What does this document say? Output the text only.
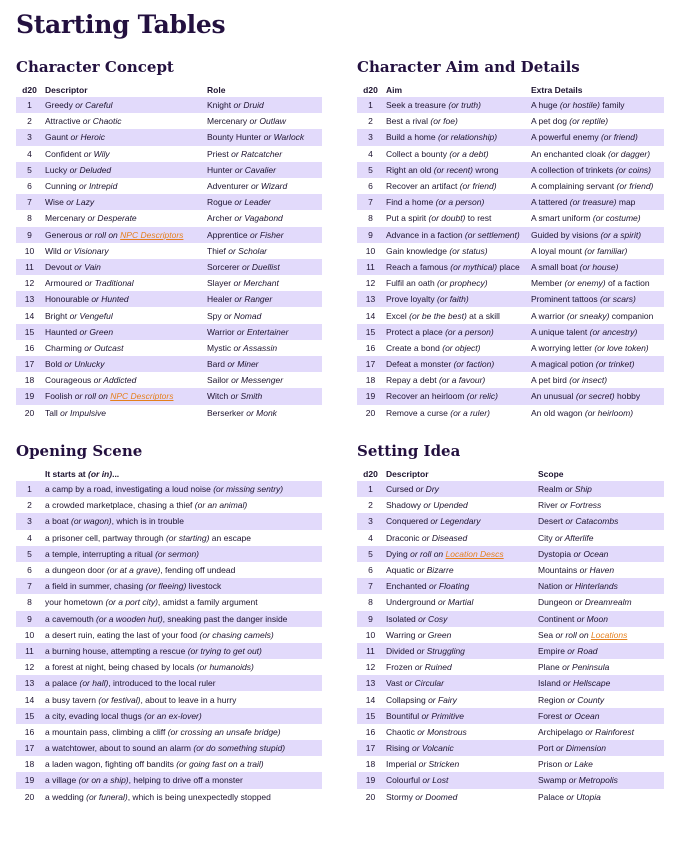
Starting Tables
Character Concept
d20	Descriptor	Role
1	Greedy or Careful	Knight or Druid
2	Attractive or Chaotic	Mercenary or Outlaw
3	Gaunt or Heroic	Bounty Hunter or Warlock
4	Confident or Wily	Priest or Ratcatcher
5	Lucky or Deluded	Hunter or Cavalier
6	Cunning or Intrepid	Adventurer or Wizard
7	Wise or Lazy	Rogue or Leader
8	Mercenary or Desperate	Archer or Vagabond
9	Generous or roll on NPC Descriptors	Apprentice or Fisher
10	Wild or Visionary	Thief or Scholar
11	Devout or Vain	Sorcerer or Duellist
12	Armoured or Traditional	Slayer or Merchant
13	Honourable or Hunted	Healer or Ranger
14	Bright or Vengeful	Spy or Nomad
15	Haunted or Green	Warrior or Entertainer
16	Charming or Outcast	Mystic or Assassin
17	Bold or Unlucky	Bard or Miner
18	Courageous or Addicted	Sailor or Messenger
19	Foolish or roll on NPC Descriptors	Witch or Smith
20	Tall or Impulsive	Berserker or Monk
Character Aim and Details
d20	Aim	Extra Details
1	Seek a treasure (or truth)	A huge (or hostile) family
2	Best a rival (or foe)	A pet dog (or reptile)
3	Build a home (or relationship)	A powerful enemy (or friend)
4	Collect a bounty (or a debt)	An enchanted cloak (or dagger)
5	Right an old (or recent) wrong	A collection of trinkets (or coins)
6	Recover an artifact (or friend)	A complaining servant (or friend)
7	Find a home (or a person)	A tattered (or treasure) map
8	Put a spirit (or doubt) to rest	A smart uniform (or costume)
9	Advance in a faction (or settlement)	Guided by visions (or a spirit)
10	Gain knowledge (or status)	A loyal mount (or familiar)
11	Reach a famous (or mythical) place	A small boat (or house)
12	Fulfil an oath (or prophecy)	Member (or enemy) of a faction
13	Prove loyalty (or faith)	Prominent tattoos (or scars)
14	Excel (or be the best) at a skill	A warrior (or sneaky) companion
15	Protect a place (or a person)	A unique talent (or ancestry)
16	Create a bond (or object)	A worrying letter (or love token)
17	Defeat a monster (or faction)	A magical potion (or trinket)
18	Repay a debt (or a favour)	A pet bird (or insect)
19	Recover an heirloom (or relic)	An unusual (or secret) hobby
20	Remove a curse (or a ruler)	An old wagon (or heirloom)
Opening Scene
	It starts at (or in)...
1	a camp by a road, investigating a loud noise (or missing sentry)
2	a crowded marketplace, chasing a thief (or an animal)
3	a boat (or wagon), which is in trouble
4	a prisoner cell, partway through (or starting) an escape
5	a temple, interrupting a ritual (or sermon)
6	a dungeon door (or at a grave), fending off undead
7	a field in summer, chasing (or fleeing) livestock
8	your hometown (or a port city), amidst a family argument
9	a cavemouth (or a wooden hut), sneaking past the danger inside
10	a desert ruin, eating the last of your food (or chasing camels)
11	a burning house, attempting a rescue (or trying to get out)
12	a forest at night, being chased by locals (or humanoids)
13	a palace (or hall), introduced to the local ruler
14	a busy tavern (or festival), about to leave in a hurry
15	a city, evading local thugs (or an ex-lover)
16	a mountain pass, climbing a cliff (or crossing an unsafe bridge)
17	a watchtower, about to sound an alarm (or do something stupid)
18	a laden wagon, fighting off bandits (or going fast on a trail)
19	a village (or on a ship), helping to drive off a monster
20	a wedding (or funeral), which is being unexpectedly stopped
Setting Idea
d20	Descriptor	Scope
1	Cursed or Dry	Realm or Ship
2	Shadowy or Upended	River or Fortress
3	Conquered or Legendary	Desert or Catacombs
4	Draconic or Diseased	City or Afterlife
5	Dying or roll on Location Descs	Dystopia or Ocean
6	Aquatic or Bizarre	Mountains or Haven
7	Enchanted or Floating	Nation or Hinterlands
8	Underground or Martial	Dungeon or Dreamrealm
9	Isolated or Cosy	Continent or Moon
10	Warring or Green	Sea or roll on Locations
11	Divided or Struggling	Empire or Road
12	Frozen or Ruined	Plane or Peninsula
13	Vast or Circular	Island or Hellscape
14	Collapsing or Fairy	Region or County
15	Bountiful or Primitive	Forest or Ocean
16	Chaotic or Monstrous	Archipelago or Rainforest
17	Rising or Volcanic	Port or Dimension
18	Imperial or Stricken	Prison or Lake
19	Colourful or Lost	Swamp or Metropolis
20	Stormy or Doomed	Palace or Utopia
